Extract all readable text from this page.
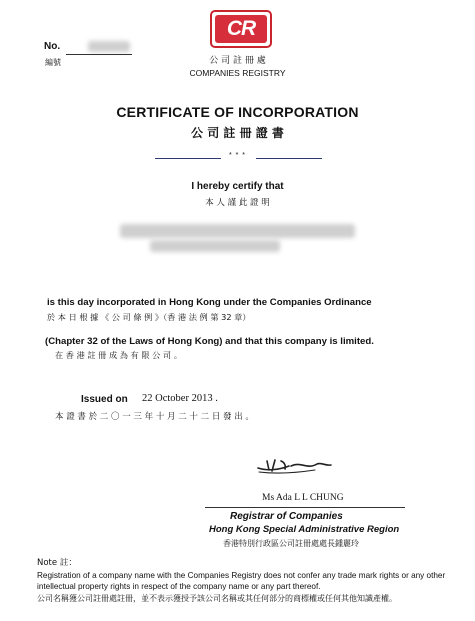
No.
編號
CR
公 司 註 冊 處
COMPANIES REGISTRY
CERTIFICATE OF INCORPORATION
公 司 註 冊 證 書
* * *
I hereby certify that
本 人 謹 此 證 明
is this day incorporated in Hong Kong under the Companies Ordinance
於 本 日 根 據 《 公 司 條 例 》（香 港 法 例 第 32 章）
(Chapter 32 of the Laws of Hong Kong) and that this company is limited.
在 香 港 註 冊 成 為 有 限 公 司 。
Issued on 22 October 2013 .
本 證 書 於 二 〇 一 三 年 十 月 二 十 二 日 發 出 。
Ms Ada L L CHUNG
Registrar of Companies
Hong Kong Special Administrative Region
香港特別行政區公司註冊處處長鍾麗玲
Note 註：
Registration of a company name with the Companies Registry does not confer any trade mark rights or any other intellectual property rights in respect of the company name or any part thereof.
公司名稱獲公司註冊處註冊，並不表示獲授予該公司名稱或其任何部分的商標權或任何其他知識產權。
